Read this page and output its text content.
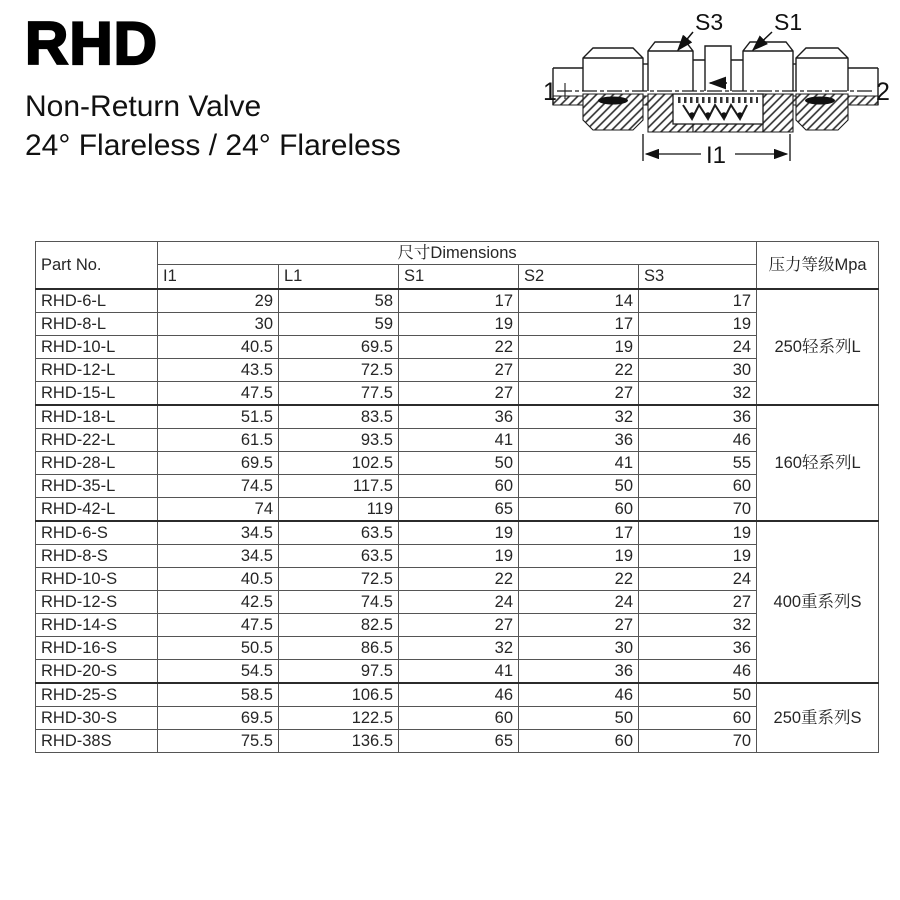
RHD
Non-Return Valve
24° Flareless / 24° Flareless
S3 S1
1	2
I1
Part No.	尺寸Dimensions					压力等级Mpa
	I1	L1	S1	S2	S3	
RHD-6-L	29	58	17	14	17	250轻系列L
RHD-8-L	30	59	19	17	19	
RHD-10-L	40.5	69.5	22	19	24	
RHD-12-L	43.5	72.5	27	22	30	
RHD-15-L	47.5	77.5	27	27	32	
RHD-18-L	51.5	83.5	36	32	36	160轻系列L
RHD-22-L	61.5	93.5	41	36	46	
RHD-28-L	69.5	102.5	50	41	55	
RHD-35-L	74.5	117.5	60	50	60	
RHD-42-L	74	119	65	60	70	
RHD-6-S	34.5	63.5	19	17	19	400重系列S
RHD-8-S	34.5	63.5	19	19	19	
RHD-10-S	40.5	72.5	22	22	24	
RHD-12-S	42.5	74.5	24	24	27	
RHD-14-S	47.5	82.5	27	27	32	
RHD-16-S	50.5	86.5	32	30	36	
RHD-20-S	54.5	97.5	41	36	46	
RHD-25-S	58.5	106.5	46	46	50	250重系列S
RHD-30-S	69.5	122.5	60	50	60	
RHD-38S	75.5	136.5	65	60	70	
